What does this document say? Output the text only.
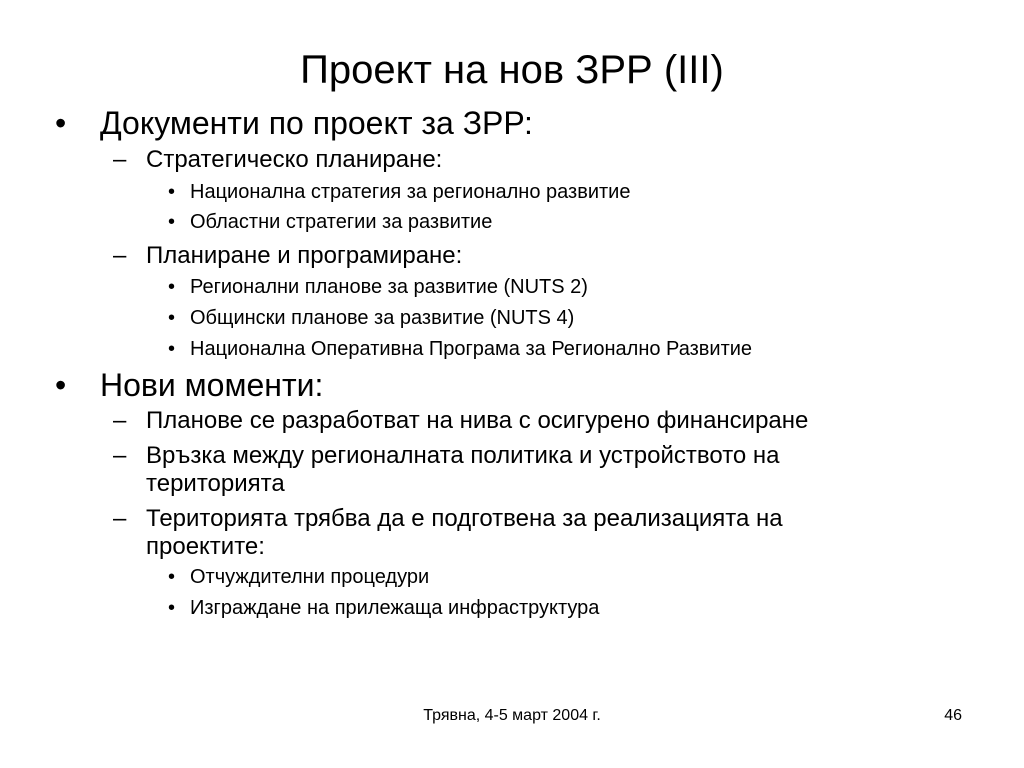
Проект на нов ЗРР (III)
• Документи по проект за ЗРР:
– Стратегическо планиране:
• Национална стратегия за регионално развитие
• Областни стратегии за развитие
– Планиране и програмиране:
• Регионални планове за развитие (NUTS 2)
• Общински планове за развитие (NUTS 4)
• Национална Оперативна Програма за Регионално Развитие
• Нови моменти:
– Планове се разработват на нива с осигурено финансиране
– Връзка между регионалната политика и устройството на
територията
– Територията трябва да е подготвена за реализацията на
проектите:
• Отчуждителни процедури
• Изграждане на прилежаща инфраструктура
Трявна, 4-5 март 2004 г.	46
